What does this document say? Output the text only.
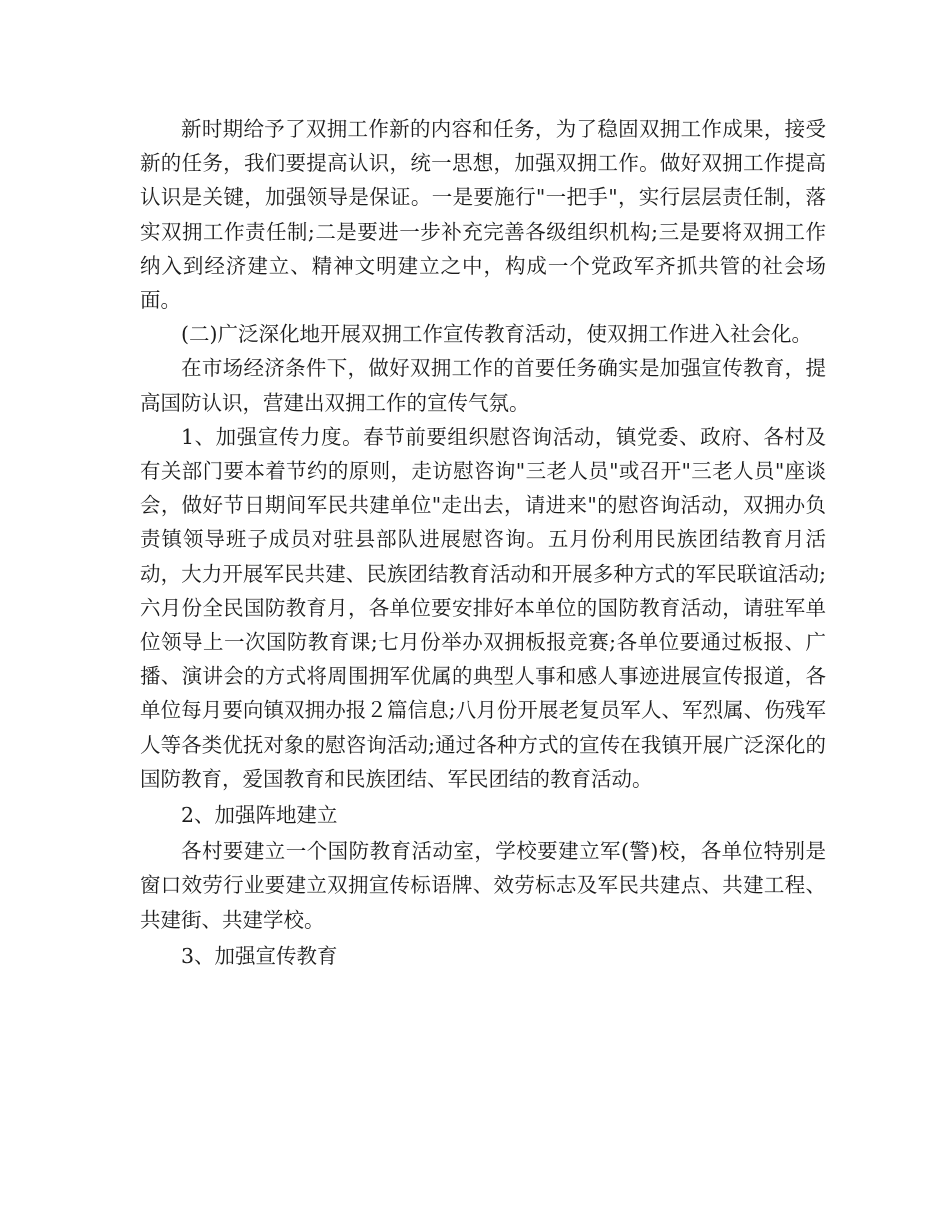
新时期给予了双拥工作新的内容和任务，为了稳固双拥工作成果，接受新的任务，我们要提高认识，统一思想，加强双拥工作。做好双拥工作提高认识是关键，加强领导是保证。一是要施行"一把手"，实行层层责任制，落实双拥工作责任制;二是要进一步补充完善各级组织机构;三是要将双拥工作纳入到经济建立、精神文明建立之中，构成一个党政军齐抓共管的社会场面。

(二)广泛深化地开展双拥工作宣传教育活动，使双拥工作进入社会化。

在市场经济条件下，做好双拥工作的首要任务确实是加强宣传教育，提高国防认识，营建出双拥工作的宣传气氛。

1、加强宣传力度。春节前要组织慰咨询活动，镇党委、政府、各村及有关部门要本着节约的原则，走访慰咨询"三老人员"或召开"三老人员"座谈会，做好节日期间军民共建单位"走出去，请进来"的慰咨询活动，双拥办负责镇领导班子成员对驻县部队进展慰咨询。五月份利用民族团结教育月活动，大力开展军民共建、民族团结教育活动和开展多种方式的军民联谊活动;六月份全民国防教育月，各单位要安排好本单位的国防教育活动，请驻军单位领导上一次国防教育课;七月份举办双拥板报竞赛;各单位要通过板报、广播、演讲会的方式将周围拥军优属的典型人事和感人事迹进展宣传报道，各单位每月要向镇双拥办报２篇信息;八月份开展老复员军人、军烈属、伤残军人等各类优抚对象的慰咨询活动;通过各种方式的宣传在我镇开展广泛深化的国防教育，爱国教育和民族团结、军民团结的教育活动。

2、加强阵地建立

各村要建立一个国防教育活动室，学校要建立军(警)校，各单位特别是窗口效劳行业要建立双拥宣传标语牌、效劳标志及军民共建点、共建工程、共建街、共建学校。

3、加强宣传教育
